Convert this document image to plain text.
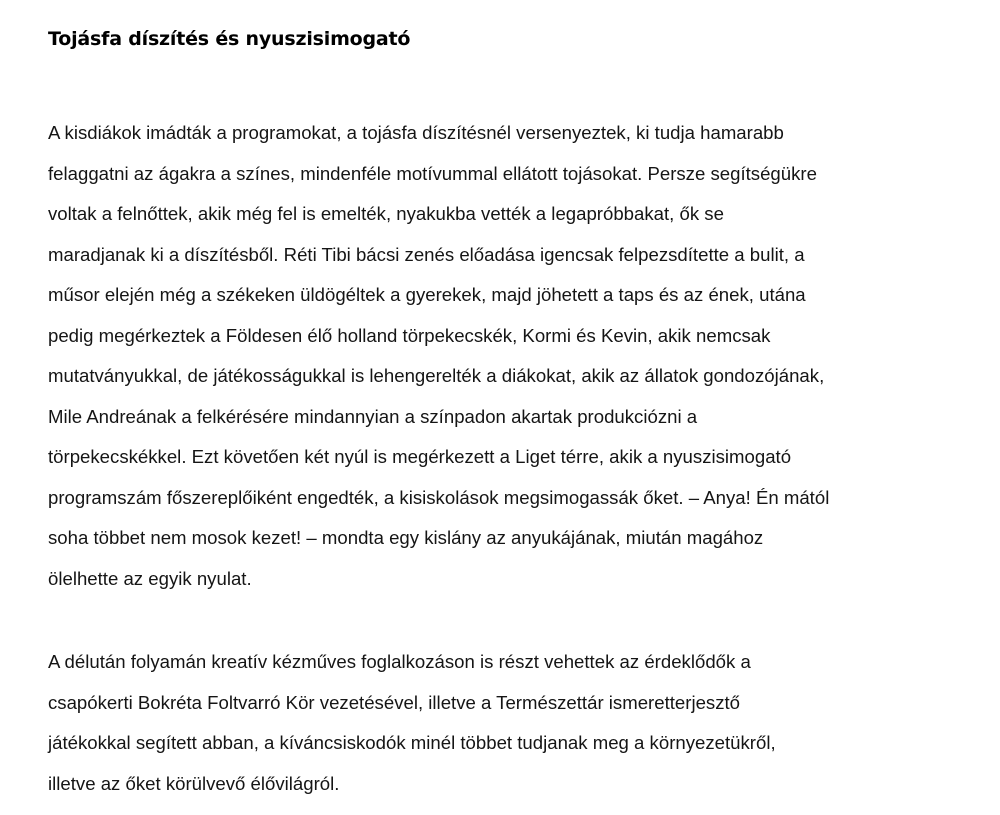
Tojásfa díszítés és nyuszisimogató

A kisdiákok imádták a programokat, a tojásfa díszítésnél versenyeztek, ki tudja hamarabb
felaggatni az ágakra a színes, mindenféle motívummal ellátott tojásokat. Persze segítségükre
voltak a felnőttek, akik még fel is emelték, nyakukba vették a legapróbbakat, ők se
maradjanak ki a díszítésből. Réti Tibi bácsi zenés előadása igencsak felpezsdítette a bulit, a
műsor elején még a székeken üldögéltek a gyerekek, majd jöhetett a taps és az ének, utána
pedig megérkeztek a Földesen élő holland törpekecskék, Kormi és Kevin, akik nemcsak
mutatványukkal, de játékosságukkal is lehengerelték a diákokat, akik az állatok gondozójának,
Mile Andreának a felkérésére mindannyian a színpadon akartak produkciózni a
törpekecskékkel. Ezt követően két nyúl is megérkezett a Liget térre, akik a nyuszisimogató
programszám főszereplőiként engedték, a kisiskolások megsimogassák őket. – Anya! Én mától
soha többet nem mosok kezet! – mondta egy kislány az anyukájának, miután magához
ölelhette az egyik nyulat.

A délután folyamán kreatív kézműves foglalkozáson is részt vehettek az érdeklődők a
csapókerti Bokréta Foltvarró Kör vezetésével, illetve a Természettár ismeretterjesztő
játékokkal segített abban, a kíváncsiskodók minél többet tudjanak meg a környezetükről,
illetve az őket körülvevő élővilágról.
